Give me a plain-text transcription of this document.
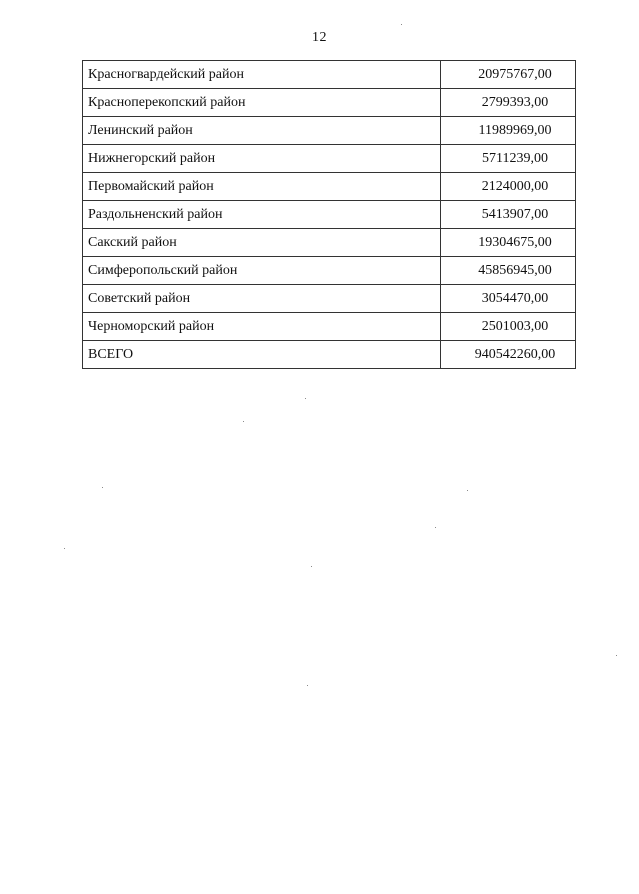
12
Красногвардейский район	20975767,00
Красноперекопский район	2799393,00
Ленинский район	11989969,00
Нижнегорский район	5711239,00
Первомайский район	2124000,00
Раздольненский район	5413907,00
Сакский район	19304675,00
Симферопольский район	45856945,00
Советский район	3054470,00
Черноморский район	2501003,00
ВСЕГО	940542260,00
